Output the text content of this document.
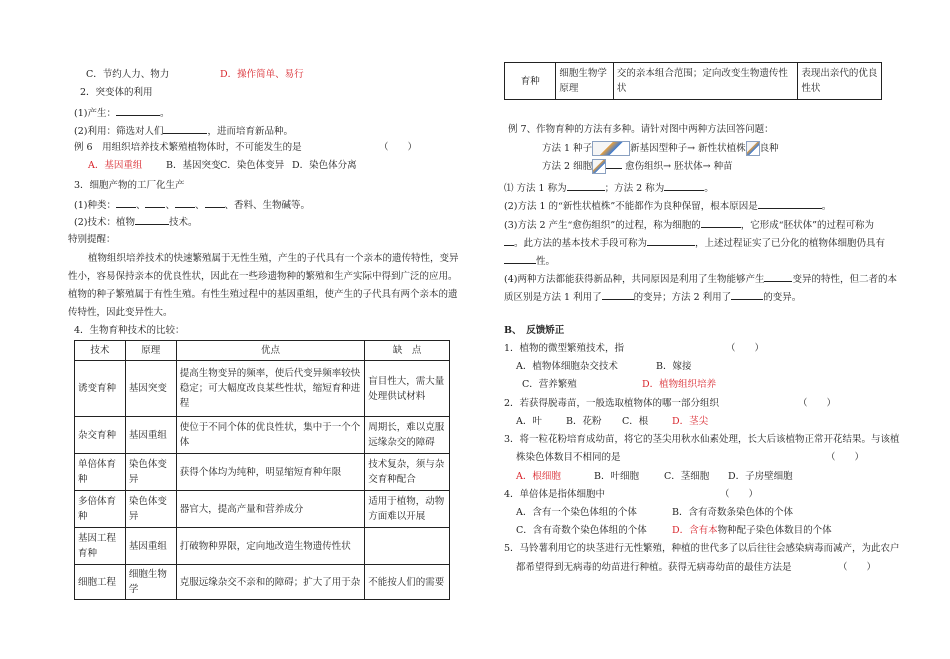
C．节约人力、物力	D．操作简单、易行
2．突变体的利用
(1)产生：	。
(2)利用：筛选对人们	，进而培育新品种。
例 6　用组织培养技术繁殖植物体时，不可能发生的是	（　　）
A．基因重组 B．基因突变 C．染色体变异 D．染色体分离
3．细胞产物的工厂化生产
(1)种类： 、 、 、 、香料、生物碱等。
(2)技术：植物	技术。
特别提醒：
植物组织培养技术的快速繁殖属于无性生殖，产生的子代具有一个亲本的遗传特性，变异
性小，容易保持亲本的优良性状，因此在一些珍遗物种的繁殖和生产实际中得到广泛的应用。
植物的种子繁殖属于有性生殖。有性生殖过程中的基因重组，使产生的子代具有两个亲本的遗
传特性，因此变异性大。
4．生物育种技术的比较：
技术	原理	优点	缺　点
诱变育种	基因突变	提高生物变异的频率，使后代变异频率较快稳定；可大幅度改良某些性状，缩短育种进程	盲目性大，需大量处理供试材料
杂交育种	基因重组	使位于不同个体的优良性状，集中于一个个体	周期长，难以克服远缘杂交的障碍
单倍体育种	染色体变异	获得个体均为纯种，明显缩短育种年限	技术复杂，须与杂交育种配合
多倍体育种	染色体变异	器官大，提高产量和营养成分	适用于植物，动物方面难以开展
基因工程育种	基因重组	打破物种界限，定向地改造生物遗传性状	
细胞工程	细胞生物学	克服远缘杂交不亲和的障碍；扩大了用于杂	不能按人们的需要
育种	细胞生物学原理	交的亲本组合范围；定向改变生物遗传性状	表现出亲代的优良性状
例 7、作物育种的方法有多种。请针对图中两种方法回答问题：
方法 1 种子	新基因型种子→ 新性状植株 良种
方法 2 细胞	愈伤组织→ 胚状体→ 种苗
⑴ 方法 1 称为	；方法 2 称为	。
(2)方法 1 的“新性状植株”不能都作为良种保留，根本原因是	。
(3)方法 2 产生“愈伤组织”的过程，称为细胞的	，它形成“胚状体”的过程可称为
。此方法的基本技术手段可称为	，上述过程证实了已分化的植物体细胞仍具有
性。
(4)两种方法都能获得新品种，共同原因是利用了生物能够产生	变异的特性，但二者的本
质区别是方法 1 利用了	的变异；方法 2 利用了	的变异。
B、　反馈矫正
1．植物的微型繁殖技术，指	（　　）
A．植物体细胞杂交技术	B．嫁接
C．营养繁殖	D．植物组织培养
2．若获得脱毒苗，一般选取植物体的哪一部分组织	（　　）
A．叶	B．花粉 C．根 D．茎尖
3．将一粒花粉培育成幼苗，将它的茎尖用秋水仙素处理，长大后该植物正常开花结果。与该植
株染色体数目不相同的是	（　　）
A．根细胞	B．叶细胞	C．茎细胞 D．子房壁细胞
4．单倍体是指体细胞中	（　　）
A．含有一个染色体组的个体	B．含有奇数条染色体的个体
C．含有奇数个染色体组的个体	D．含有本物种配子染色体数目的个体
5．马铃薯利用它的块茎进行无性繁殖，种植的世代多了以后往往会感染病毒而减产，为此农户
都希望得到无病毒的幼苗进行种植。获得无病毒幼苗的最佳方法是	（　　）
